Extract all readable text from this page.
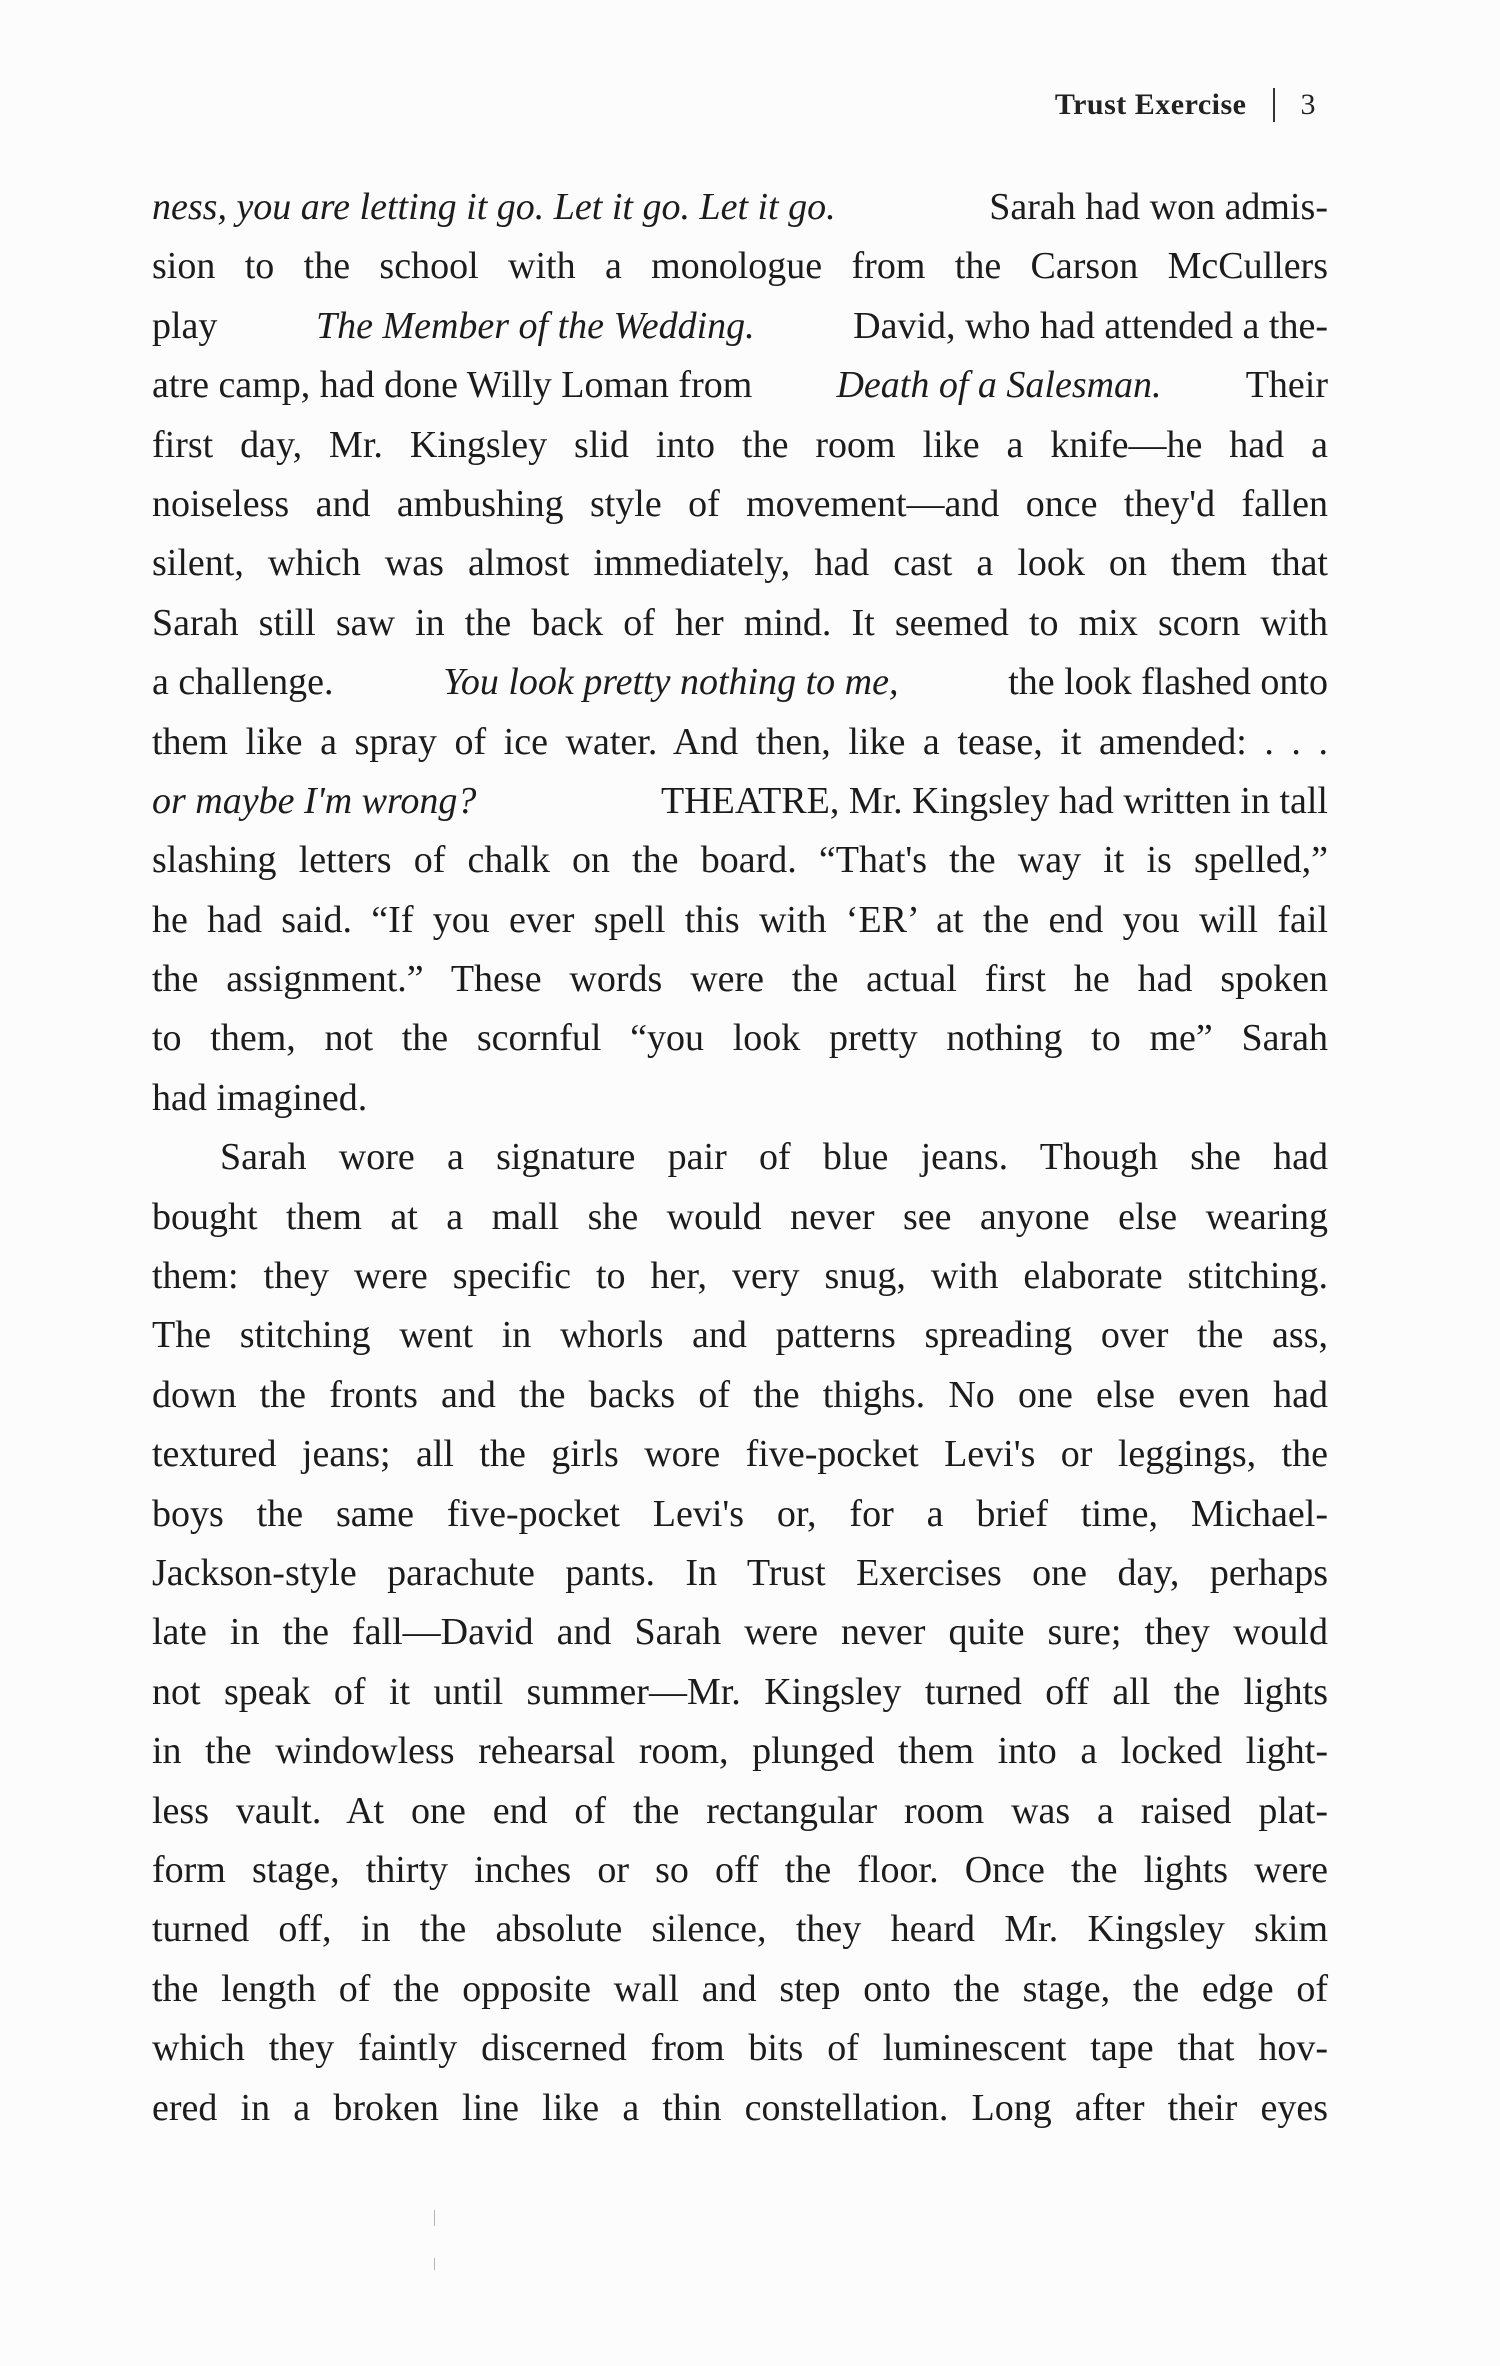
Trust Exercise 3
ness, you are letting it go. Let it go. Let it go.	Sarah had won admis-
sion to the school with a monologue from the Carson McCullers
play	The Member of the Wedding.	David, who had attended a the-
atre camp, had done Willy Loman from Death of a Salesman. Their
first day, Mr. Kingsley slid into the room like a knife—he had a
noiseless and ambushing style of movement—and once they'd fallen
silent, which was almost immediately, had cast a look on them that
Sarah still saw in the back of her mind. It seemed to mix scorn with
a challenge.	You look pretty nothing to me,	the look flashed onto
them like a spray of ice water. And then, like a tease, it amended: . . .
or maybe I'm wrong?	THEATRE, Mr. Kingsley had written in tall
slashing letters of chalk on the board. “That's the way it is spelled,”
he had said. “If you ever spell this with ‘ER’ at the end you will fail
the assignment.” These words were the actual first he had spoken
to them, not the scornful “you look pretty nothing to me” Sarah
had imagined.
Sarah wore a signature pair of blue jeans. Though she had
bought them at a mall she would never see anyone else wearing
them: they were specific to her, very snug, with elaborate stitching.
The stitching went in whorls and patterns spreading over the ass,
down the fronts and the backs of the thighs. No one else even had
textured jeans; all the girls wore five-pocket Levi's or leggings, the
boys the same five-pocket Levi's or, for a brief time, Michael-
Jackson-style parachute pants. In Trust Exercises one day, perhaps
late in the fall—David and Sarah were never quite sure; they would
not speak of it until summer—Mr. Kingsley turned off all the lights
in the windowless rehearsal room, plunged them into a locked light-
less vault. At one end of the rectangular room was a raised plat-
form stage, thirty inches or so off the floor. Once the lights were
turned off, in the absolute silence, they heard Mr. Kingsley skim
the length of the opposite wall and step onto the stage, the edge of
which they faintly discerned from bits of luminescent tape that hov-
ered in a broken line like a thin constellation. Long after their eyes
